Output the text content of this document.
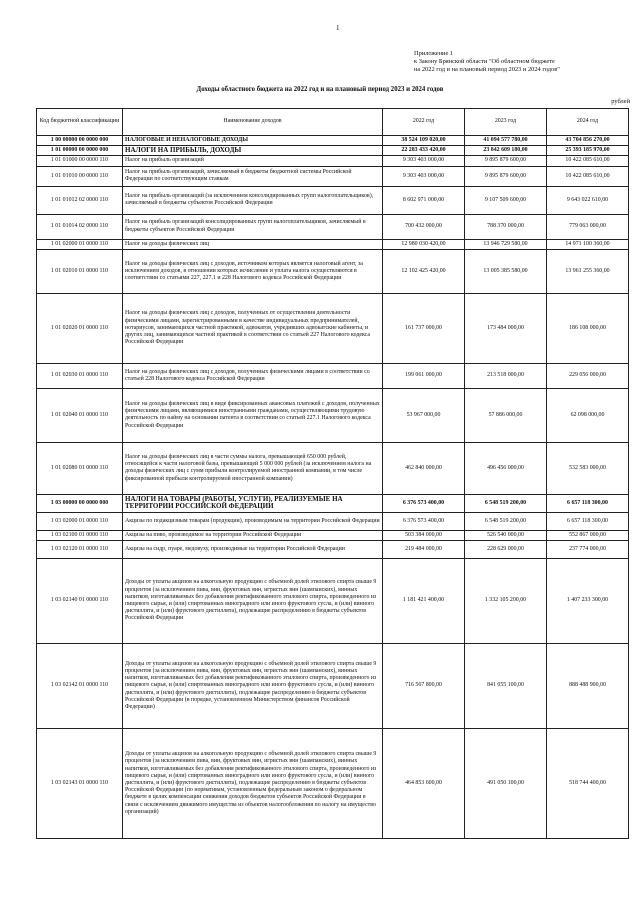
1
Приложение 1
к Закону Брянской области "Об областном бюджете
на 2022 год и на плановый период 2023 и 2024 годов"
Доходы областного бюджета на 2022 год и на плановый период 2023 и 2024 годов
рублей
Код бюджетной классификации	Наименование доходов	2022 год	2023 год	2024 год
1 00 00000 00 0000 000	НАЛОГОВЫЕ И НЕНАЛОГОВЫЕ ДОХОДЫ	38 524 109 020,00	41 094 577 780,00	43 704 856 270,00
1 01 00000 00 0000 000	НАЛОГИ НА ПРИБЫЛЬ, ДОХОДЫ	22 283 433 420,00	23 842 609 180,00	25 393 185 970,00
1 01 01000 00 0000 110	Налог на прибыль организаций	9 303 403 000,00	9 895 879 600,00	10 422 085 610,00
1 01 01010 00 0000 110	Налог на прибыль организаций, зачисляемый в бюджеты бюджетной системы Российской Федерации по соответствующим ставкам	9 303 403 000,00	9 895 879 600,00	10 422 085 610,00
1 01 01012 02 0000 110	Налог на прибыль организаций (за исключением консолидированных групп налогоплательщиков), зачисляемый в бюджеты субъектов Российской Федерации	8 602 971 000,00	9 107 509 600,00	9 643 022 610,00
1 01 01014 02 0000 110	Налог на прибыль организаций консолидированных групп налогоплательщиков, зачисляемый в бюджеты субъектов Российской Федерации	700 432 000,00	788 370 000,00	779 063 000,00
1 01 02000 01 0000 110	Налог на доходы физических лиц	12 980 030 420,00	13 946 729 580,00	14 971 100 360,00
1 01 02010 01 0000 110	Налог на доходы физических лиц с доходов, источником которых является налоговый агент, за исключением доходов, в отношении которых исчисление и уплата налога осуществляются в соответствии со статьями 227, 227.1 и 228 Налогового кодекса Российской Федерации	12 102 425 420,00	13 005 385 580,00	13 961 255 360,00
1 01 02020 01 0000 110	Налог на доходы физических лиц с доходов, полученных от осуществления деятельности физическими лицами, зарегистрированными в качестве индивидуальных предпринимателей, нотариусов, занимающихся частной практикой, адвокатов, учредивших адвокатские кабинеты, и других лиц, занимающихся частной практикой в соответствии со статьей 227 Налогового кодекса Российской Федерации	161 737 000,00	173 484 000,00	186 108 000,00
1 01 02030 01 0000 110	Налог на доходы физических лиц с доходов, полученных физическими лицами в соответствии со статьей 228 Налогового кодекса Российской Федерации	199 061 000,00	213 518 000,00	229 056 000,00
1 01 02040 01 0000 110	Налог на доходы физических лиц в виде фиксированных авансовых платежей с доходов, полученных физическими лицами, являющимися иностранными гражданами, осуществляющими трудовую деятельность по найму на основании патента в соответствии со статьей 227.1 Налогового кодекса Российской Федерации	53 967 000,00	57 886 000,00	62 098 000,00
1 01 02080 01 0000 110	Налог на доходы физических лиц в части суммы налога, превышающей 650 000 рублей, относящейся к части налоговой базы, превышающей 5 000 000 рублей (за исключением налога на доходы физических лиц с сумм прибыли контролируемой иностранной компании, в том числе фиксированной прибыли контролируемой иностранной компании)	462 840 000,00	496 456 000,00	532 583 000,00
1 03 00000 00 0000 000	НАЛОГИ НА ТОВАРЫ (РАБОТЫ, УСЛУГИ), РЕАЛИЗУЕМЫЕ НА ТЕРРИТОРИИ РОССИЙСКОЙ ФЕДЕРАЦИИ	6 376 573 400,00	6 548 519 200,00	6 657 118 300,00
1 03 02000 01 0000 110	Акцизы по подакцизным товарам (продукции), производимым на территории Российской Федерации	6 376 573 400,00	6 548 519 200,00	6 657 118 300,00
1 03 02100 01 0000 110	Акцизы на пиво, производимое на территории Российской Федерации	503 384 000,00	526 540 000,00	552 867 000,00
1 03 02120 01 0000 110	Акцизы на сидр, пуаре, медовуху, производимые на территории Российской Федерации	219 484 000,00	228 629 000,00	237 774 000,00
1 03 02140 01 0000 110	Доходы от уплаты акцизов на алкогольную продукцию с объемной долей этилового спирта свыше 9 процентов (за исключением пива, вин, фруктовых вин, игристых вин (шампанских), винных напитков, изготавливаемых без добавления ректификованного этилового спирта, произведенного из пищевого сырья, и (или) спиртованных виноградного или иного фруктового сусла, и (или) винного дистиллята, и (или) фруктового дистиллята), подлежащие распределению в бюджеты субъектов Российской Федерации	1 181 421 400,00	1 332 105 200,00	1 407 233 300,00
1 03 02142 01 0000 110	Доходы от уплаты акцизов на алкогольную продукцию с объемной долей этилового спирта свыше 9 процентов (за исключением пива, вин, фруктовых вин, игристых вин (шампанских), винных напитков, изготавливаемых без добавления ректификованного этилового спирта, произведенного из пищевого сырья, и (или) спиртованных виноградного или иного фруктового сусла, и (или) винного дистиллята, и (или) фруктового дистиллята), подлежащие распределению в бюджеты субъектов Российской Федерации (в порядке, установленном Министерством финансов Российской Федерации)	716 567 800,00	841 055 100,00	888 488 900,00
1 03 02143 01 0000 110	Доходы от уплаты акцизов на алкогольную продукцию с объемной долей этилового спирта свыше 9 процентов (за исключением пива, вин, фруктовых вин, игристых вин (шампанских), винных напитков, изготавливаемых без добавления ректификованного этилового спирта, произведенного из пищевого сырья, и (или) спиртованных виноградного или иного фруктового сусла, и (или) винного дистиллята, и (или) фруктового дистиллята), подлежащие распределению в бюджеты субъектов Российской Федерации (по нормативам, установленным федеральным законом о федеральном бюджете в целях компенсации снижения доходов бюджетов субъектов Российской Федерации в связи с исключением движимого имущества из объектов налогообложения по налогу на имущество организаций)	464 853 600,00	491 050 100,00	518 744 400,00
